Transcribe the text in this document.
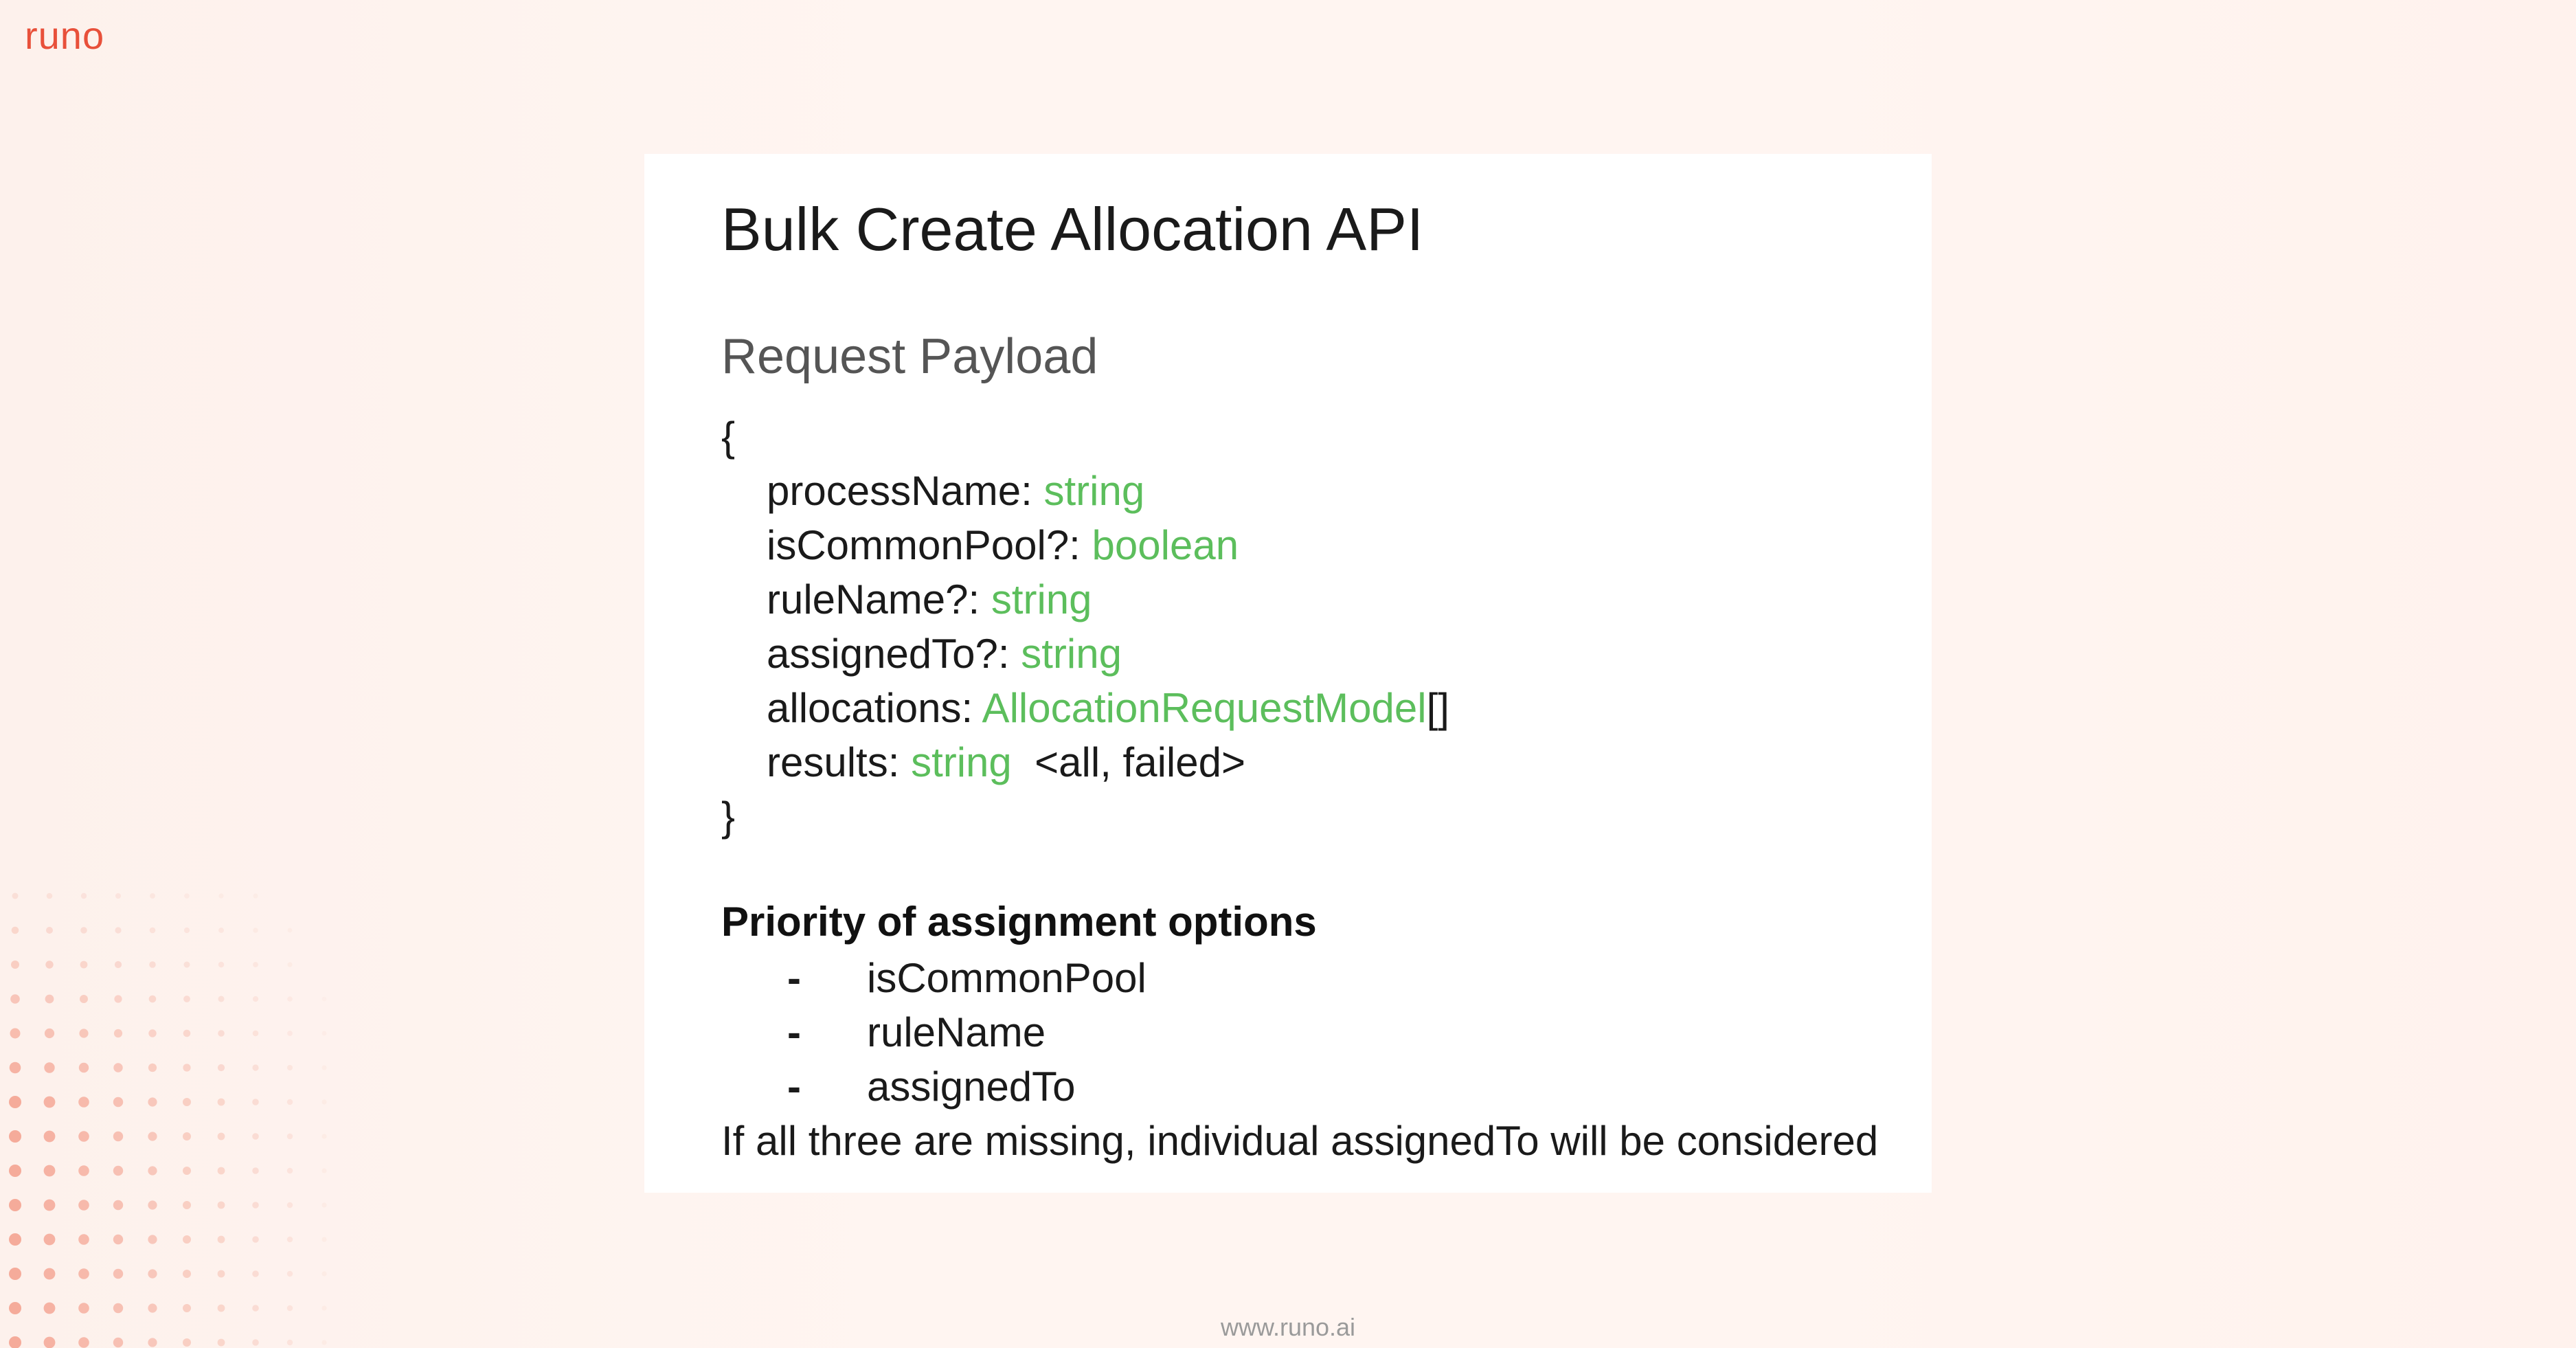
runo
Bulk Create Allocation API
Request Payload
{
processName: string
isCommonPool?: boolean
ruleName?: string
assignedTo?: string
allocations: AllocationRequestModel[]
results: string  <all, failed>
}
Priority of assignment options
- isCommonPool
- ruleName
- assignedTo
If all three are missing, individual assignedTo will be considered
www.runo.ai
